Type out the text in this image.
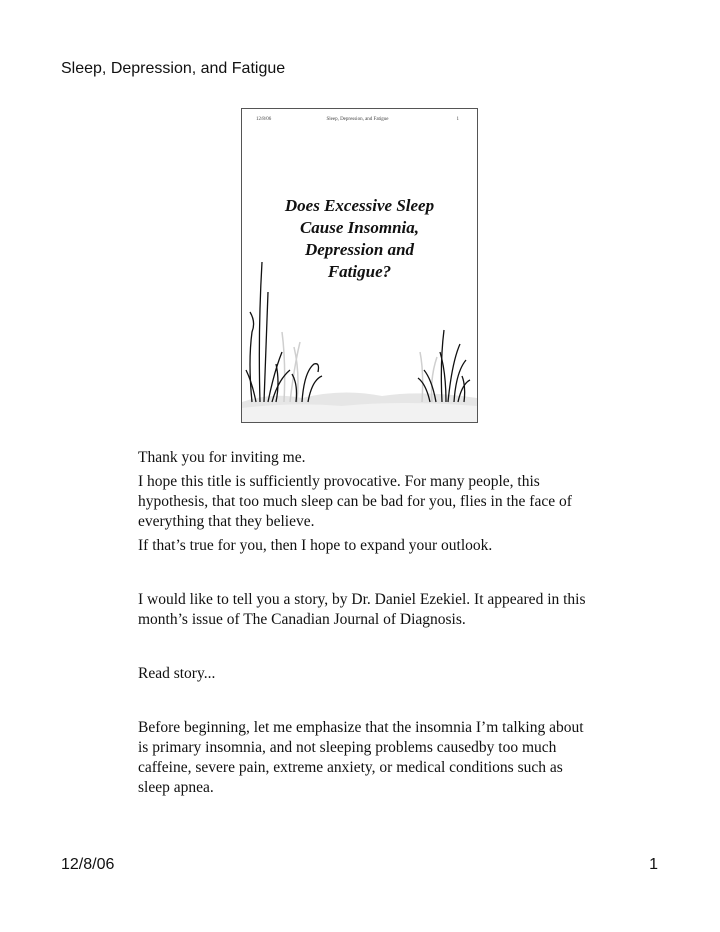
Sleep, Depression, and Fatigue
12/8/06	Sleep, Depression, and Fatigue	1
Does Excessive Sleep
Cause Insomnia,
Depression and
Fatigue?

Thank you for inviting me.

I hope this title is sufficiently provocative. For many people, this hypothesis, that too much sleep can be bad for you, flies in the face of everything that they believe.

If that’s true for you, then I hope to expand your outlook.

I would like to tell you a story, by Dr. Daniel Ezekiel. It appeared in this month’s issue of The Canadian Journal of Diagnosis.

Read story...

Before beginning, let me emphasize that the insomnia I’m talking about is primary insomnia, and not sleeping problems causedby too much caffeine, severe pain, extreme anxiety, or medical conditions such as sleep apnea.

12/8/06	1
